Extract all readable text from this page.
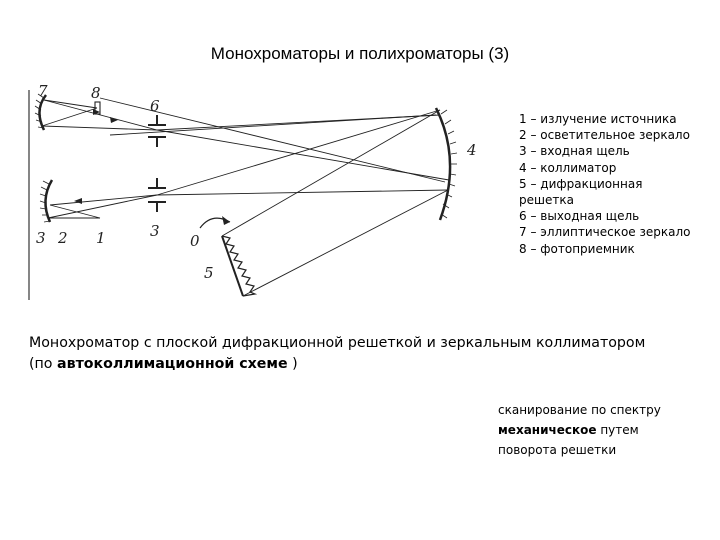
Монохроматоры и полихроматоры (3)
7	8
6
4
3 2 1	3
0
5
1 – излучение источника
2 – осветительное зеркало
3 – входная щель
4 – коллиматор
5 – дифракционная
решетка
6 – выходная щель
7 – эллиптическое зеркало
8 – фотоприемник
Монохроматор с плоской дифракционной решеткой и зеркальным коллиматором
(по автоколлимационной схеме )
сканирование по спектру
механическое путем
поворота решетки
